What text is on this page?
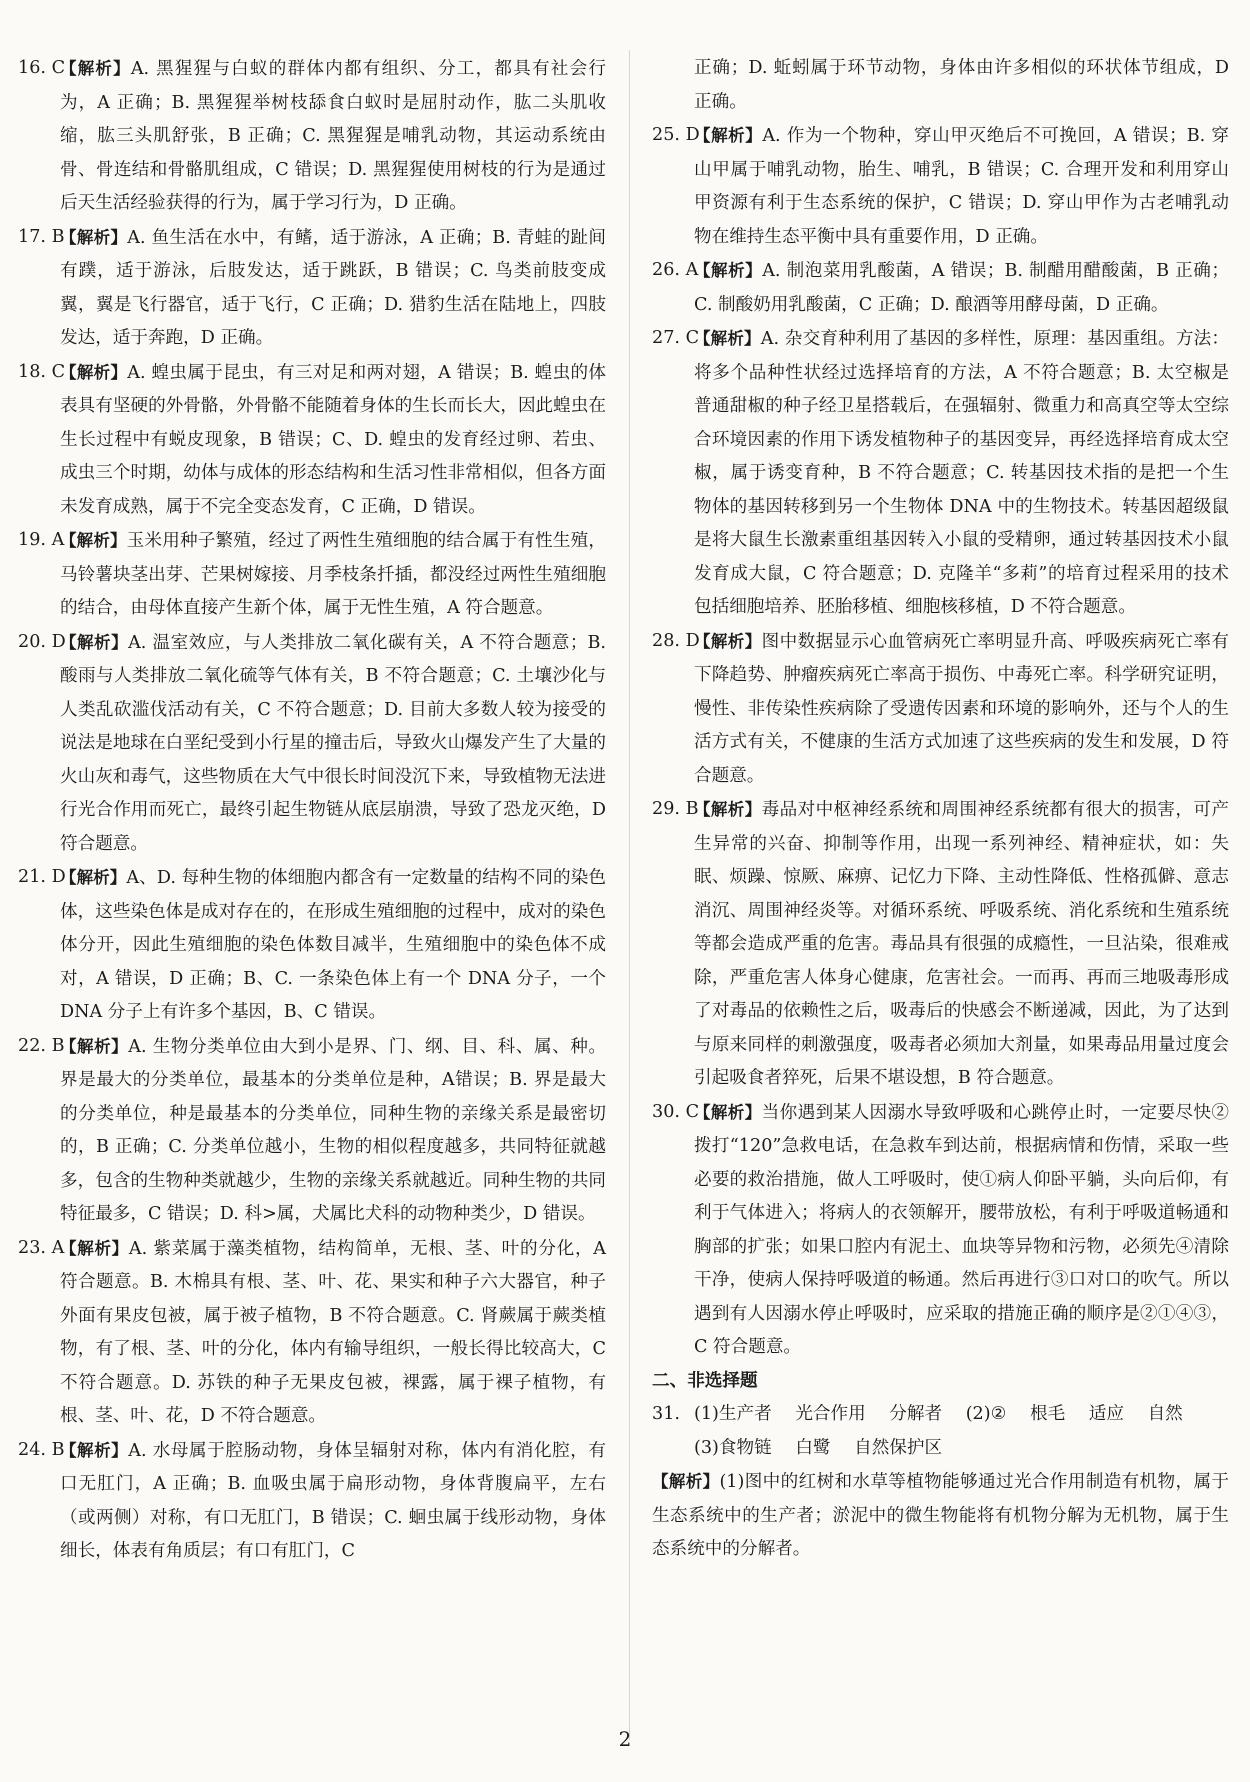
16. C
【解析】A. 黑猩猩与白蚁的群体内都有组织、分工，都具有社会行为，A 正确；B. 黑猩猩举树枝舔食白蚁时是屈肘动作，肱二头肌收缩，肱三头肌舒张，B 正确；C. 黑猩猩是哺乳动物，其运动系统由骨、骨连结和骨骼肌组成，C 错误；D. 黑猩猩使用树枝的行为是通过后天生活经验获得的行为，属于学习行为，D 正确。
17. B
【解析】A. 鱼生活在水中，有鳍，适于游泳，A 正确；B. 青蛙的趾间有蹼，适于游泳，后肢发达，适于跳跃，B 错误；C. 鸟类前肢变成翼，翼是飞行器官，适于飞行，C 正确；D. 猎豹生活在陆地上，四肢发达，适于奔跑，D 正确。
18. C
【解析】A. 蝗虫属于昆虫，有三对足和两对翅，A 错误；B. 蝗虫的体表具有坚硬的外骨骼，外骨骼不能随着身体的生长而长大，因此蝗虫在生长过程中有蜕皮现象，B 错误；C、D. 蝗虫的发育经过卵、若虫、成虫三个时期，幼体与成体的形态结构和生活习性非常相似，但各方面未发育成熟，属于不完全变态发育，C 正确，D 错误。
19. A
【解析】玉米用种子繁殖，经过了两性生殖细胞的结合属于有性生殖，马铃薯块茎出芽、芒果树嫁接、月季枝条扦插，都没经过两性生殖细胞的结合，由母体直接产生新个体，属于无性生殖，A 符合题意。
20. D
【解析】A. 温室效应，与人类排放二氧化碳有关，A 不符合题意；B. 酸雨与人类排放二氧化硫等气体有关，B 不符合题意；C. 土壤沙化与人类乱砍滥伐活动有关，C 不符合题意；D. 目前大多数人较为接受的说法是地球在白垩纪受到小行星的撞击后，导致火山爆发产生了大量的火山灰和毒气，这些物质在大气中很长时间没沉下来，导致植物无法进行光合作用而死亡，最终引起生物链从底层崩溃，导致了恐龙灭绝，D 符合题意。
21. D
【解析】A、D. 每种生物的体细胞内都含有一定数量的结构不同的染色体，这些染色体是成对存在的，在形成生殖细胞的过程中，成对的染色体分开，因此生殖细胞的染色体数目减半，生殖细胞中的染色体不成对，A 错误，D 正确；B、C. 一条染色体上有一个 DNA 分子，一个 DNA 分子上有许多个基因，B、C 错误。
22. B
【解析】A. 生物分类单位由大到小是界、门、纲、目、科、属、种。界是最大的分类单位，最基本的分类单位是种，A错误；B. 界是最大的分类单位，种是最基本的分类单位，同种生物的亲缘关系是最密切的，B 正确；C. 分类单位越小，生物的相似程度越多，共同特征就越多，包含的生物种类就越少，生物的亲缘关系就越近。同种生物的共同特征最多，C 错误；D. 科>属，犬属比犬科的动物种类少，D 错误。
23. A
【解析】A. 紫菜属于藻类植物，结构简单，无根、茎、叶的分化，A 符合题意。B. 木棉具有根、茎、叶、花、果实和种子六大器官，种子外面有果皮包被，属于被子植物，B 不符合题意。C. 肾蕨属于蕨类植物，有了根、茎、叶的分化，体内有输导组织，一般长得比较高大，C 不符合题意。D. 苏铁的种子无果皮包被，裸露，属于裸子植物，有根、茎、叶、花，D 不符合题意。
24. B
【解析】A. 水母属于腔肠动物，身体呈辐射对称，体内有消化腔，有口无肛门，A 正确；B. 血吸虫属于扁形动物，身体背腹扁平，左右（或两侧）对称，有口无肛门，B 错误；C. 蛔虫属于线形动物，身体细长，体表有角质层；有口有肛门，C
正确；D. 蚯蚓属于环节动物，身体由许多相似的环状体节组成，D 正确。
25. D
【解析】A. 作为一个物种，穿山甲灭绝后不可挽回，A 错误；B. 穿山甲属于哺乳动物，胎生、哺乳，B 错误；C. 合理开发和利用穿山甲资源有利于生态系统的保护，C 错误；D. 穿山甲作为古老哺乳动物在维持生态平衡中具有重要作用，D 正确。
26. A
【解析】A. 制泡菜用乳酸菌，A 错误；B. 制醋用醋酸菌，B 正确；C. 制酸奶用乳酸菌，C 正确；D. 酿酒等用酵母菌，D 正确。
27. C
【解析】A. 杂交育种利用了基因的多样性，原理：基因重组。方法：将多个品种性状经过选择培育的方法，A 不符合题意；B. 太空椒是普通甜椒的种子经卫星搭载后，在强辐射、微重力和高真空等太空综合环境因素的作用下诱发植物种子的基因变异，再经选择培育成太空椒，属于诱变育种，B 不符合题意；C. 转基因技术指的是把一个生物体的基因转移到另一个生物体 DNA 中的生物技术。转基因超级鼠是将大鼠生长激素重组基因转入小鼠的受精卵，通过转基因技术小鼠发育成大鼠，C 符合题意；D. 克隆羊“多莉”的培育过程采用的技术包括细胞培养、胚胎移植、细胞核移植，D 不符合题意。
28. D
【解析】图中数据显示心血管病死亡率明显升高、呼吸疾病死亡率有下降趋势、肿瘤疾病死亡率高于损伤、中毒死亡率。科学研究证明，慢性、非传染性疾病除了受遗传因素和环境的影响外，还与个人的生活方式有关，不健康的生活方式加速了这些疾病的发生和发展，D 符合题意。
29. B
【解析】毒品对中枢神经系统和周围神经系统都有很大的损害，可产生异常的兴奋、抑制等作用，出现一系列神经、精神症状，如：失眠、烦躁、惊厥、麻痹、记忆力下降、主动性降低、性格孤僻、意志消沉、周围神经炎等。对循环系统、呼吸系统、消化系统和生殖系统等都会造成严重的危害。毒品具有很强的成瘾性，一旦沾染，很难戒除，严重危害人体身心健康，危害社会。一而再、再而三地吸毒形成了对毒品的依赖性之后，吸毒后的快感会不断递减，因此，为了达到与原来同样的刺激强度，吸毒者必须加大剂量，如果毒品用量过度会引起吸食者猝死，后果不堪设想，B 符合题意。
30. C
【解析】当你遇到某人因溺水导致呼吸和心跳停止时，一定要尽快②拨打“120”急救电话，在急救车到达前，根据病情和伤情，采取一些必要的救治措施，做人工呼吸时，使①病人仰卧平躺，头向后仰，有利于气体进入；将病人的衣领解开，腰带放松，有利于呼吸道畅通和胸部的扩张；如果口腔内有泥土、血块等异物和污物，必须先④清除干净，使病人保持呼吸道的畅通。然后再进行③口对口的吹气。所以遇到有人因溺水停止呼吸时，应采取的措施正确的顺序是②①④③，C 符合题意。
二、非选择题
31. (1)生产者 光合作用 分解者 (2)② 根毛 适应 自然
(3)食物链 白鹭 自然保护区
【解析】(1)图中的红树和水草等植物能够通过光合作用制造有机物，属于生态系统中的生产者；淤泥中的微生物能将有机物分解为无机物，属于生态系统中的分解者。
2
